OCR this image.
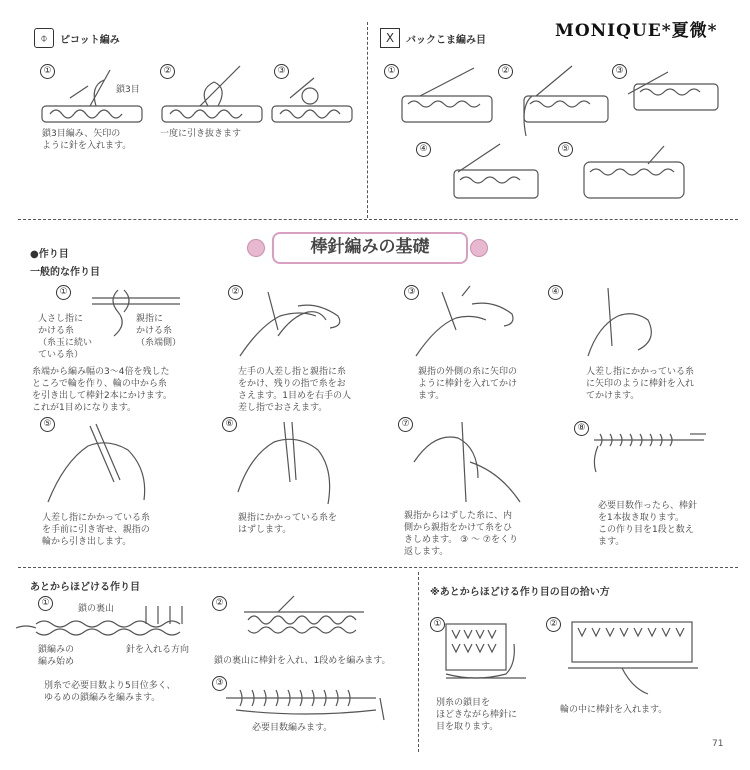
MONIQUE*夏微*
⌽	ピコット編み
①	②	③
鎖3目
鎖3目編み、矢印の
ように針を入れます。
一度に引き抜きます
X	バックこま編み目
①	②	③
④	⑤
棒針編みの基礎
●作り目
一般的な作り目
①	②	③	④
人さし指に
かける糸
（糸玉に続い
ている糸）
親指に
かける糸
（糸端側）
糸端から編み幅の3〜4倍を残した
ところで輪を作り、輪の中から糸
を引き出して棒針2本にかけます。
これが1目めになります。
左手の人差し指と親指に糸
をかけ、残りの指で糸をお
さえます。1目めを右手の人
差し指でおさえます。
親指の外側の糸に矢印の
ように棒針を入れてかけ
ます。
人差し指にかかっている糸
に矢印のように棒針を入れ
てかけます。
⑤	⑥	⑦	⑧
人差し指にかかっている糸
を手前に引き寄せ、親指の
輪から引き出します。
親指にかかっている糸を
はずします。
親指からはずした糸に、内
側から親指をかけて糸をひ
きしめます。 ③ 〜 ⑦をくり
返します。
必要目数作ったら、棒針
を1本抜き取ります。
この作り目を1段と数え
ます。
あとからほどける作り目
①	②
③
鎖の裏山
鎖編みの
編み始め
針を入れる方向
別糸で必要目数より5目位多く、
ゆるめの鎖編みを編みます。
鎖の裏山に棒針を入れ、1段めを編みます。
必要目数編みます。
※あとからほどける作り目の目の拾い方
①	②
別糸の鎖目を
ほどきながら棒針に
目を取ります。
輪の中に棒針を入れます。
71
